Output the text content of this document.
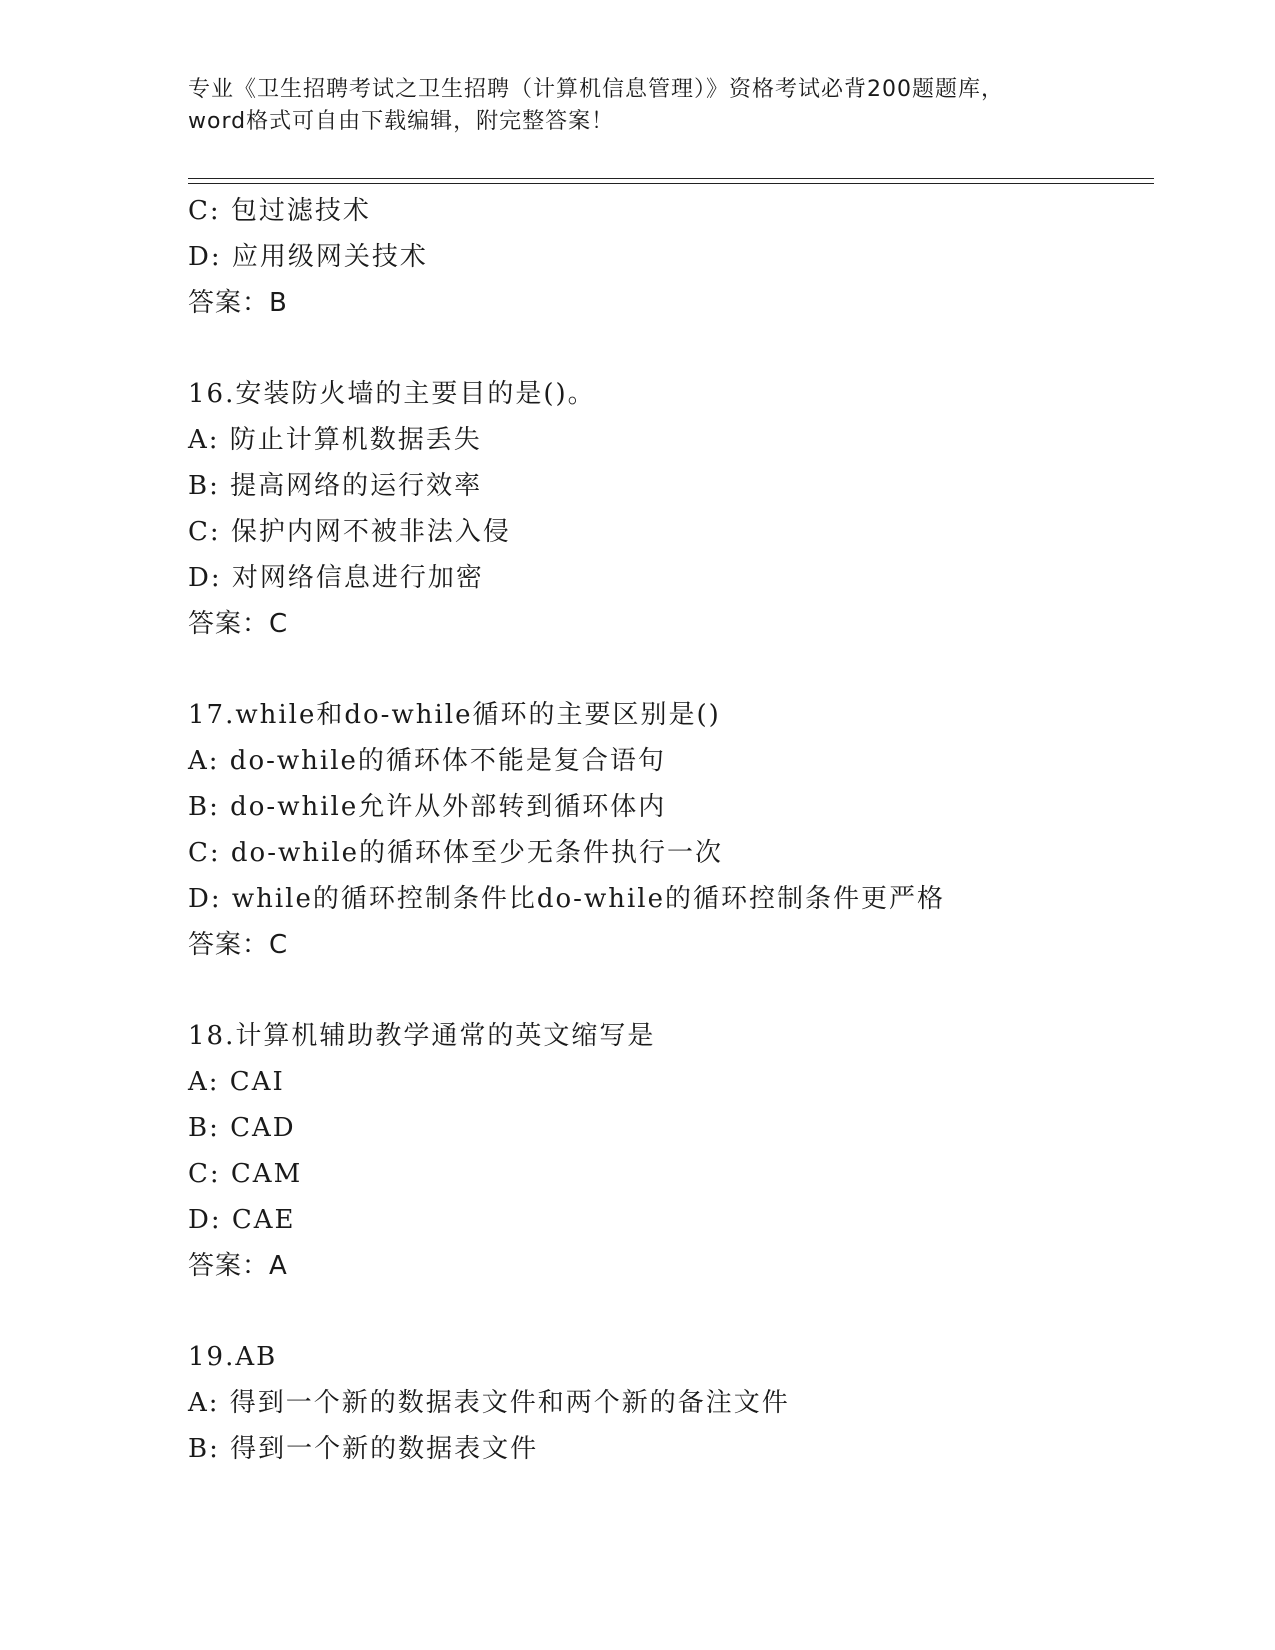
专业《卫生招聘考试之卫生招聘（计算机信息管理）》资格考试必背200题题库，
word格式可自由下载编辑，附完整答案！
C: 包过滤技术
D: 应用级网关技术
答案：B
16.安装防火墙的主要目的是()。
A: 防止计算机数据丢失
B: 提高网络的运行效率
C: 保护内网不被非法入侵
D: 对网络信息进行加密
答案：C
17.while和do-while循环的主要区别是()
A: do-while的循环体不能是复合语句
B: do-while允许从外部转到循环体内
C: do-while的循环体至少无条件执行一次
D: while的循环控制条件比do-while的循环控制条件更严格
答案：C
18.计算机辅助教学通常的英文缩写是
A: CAI
B: CAD
C: CAM
D: CAE
答案：A
19.AB
A: 得到一个新的数据表文件和两个新的备注文件
B: 得到一个新的数据表文件
